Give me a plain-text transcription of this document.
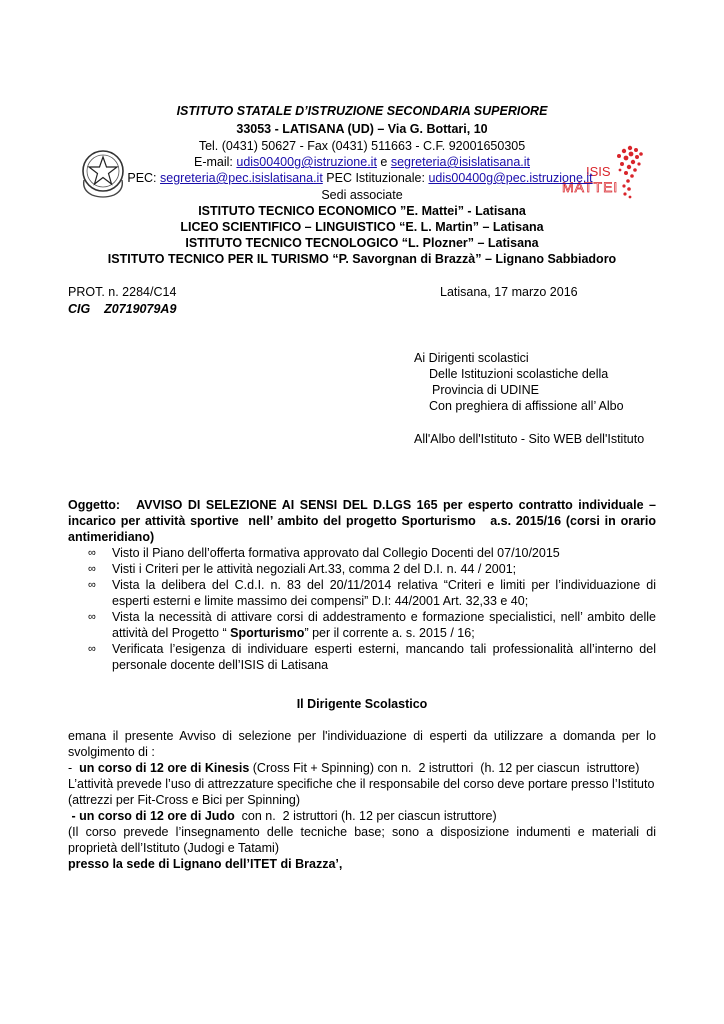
ISIS
MATTEI
ISTITUTO STATALE D’ISTRUZIONE SECONDARIA SUPERIORE
33053 - LATISANA (UD) – Via G. Bottari, 10
Tel. (0431) 50627 - Fax (0431) 511663 - C.F. 92001650305
E-mail: udis00400g@istruzione.it e segreteria@isislatisana.it
PEC: segreteria@pec.isislatisana.it PEC Istituzionale: udis00400g@pec.istruzione.it
Sedi associate
ISTITUTO TECNICO ECONOMICO ”E. Mattei” - Latisana
LICEO SCIENTIFICO – LINGUISTICO “E. L. Martin” – Latisana
ISTITUTO TECNICO TECNOLOGICO “L. Plozner” – Latisana
ISTITUTO TECNICO PER IL TURISMO “P. Savorgnan di Brazzà” – Lignano Sabbiadoro
PROT. n. 2284/C14
CIG    Z0719079A9
Latisana, 17 marzo 2016
Ai Dirigenti scolastici
Delle Istituzioni scolastiche della
Provincia di UDINE
Con preghiera di affissione all’ Albo
All'Albo dell'Istituto - Sito WEB dell'Istituto
Oggetto:   AVVISO DI SELEZIONE AI SENSI DEL D.LGS 165 per esperto contratto individuale – incarico per attività sportive  nell’ ambito del progetto Sporturismo   a.s. 2015/16 (corsi in orario  antimeridiano)
∞ Visto il Piano dell’offerta formativa approvato dal Collegio Docenti del 07/10/2015
∞ Visti i Criteri per le attività negoziali Art.33, comma 2 del D.I. n. 44 / 2001;
∞ Vista la delibera del C.d.I. n. 83 del 20/11/2014 relativa “Criteri e limiti per l’individuazione di esperti esterni e limite massimo dei compensi” D.I: 44/2001 Art. 32,33 e 40;
∞ Vista la necessità di attivare corsi di addestramento e formazione specialistici, nell’ ambito delle attività del Progetto “ Sporturismo” per il corrente a. s. 2015 / 16;
∞ Verificata l’esigenza di individuare esperti esterni, mancando tali professionalità all’interno del personale docente dell’ISIS di Latisana
Il Dirigente Scolastico
emana il presente Avviso di selezione per l'individuazione di esperti da utilizzare a domanda per lo svolgimento di :
-  un corso di 12 ore di Kinesis (Cross Fit + Spinning) con n.  2 istruttori  (h. 12 per ciascun  istruttore)
L’attività prevede l’uso di attrezzature specifiche che il responsabile del corso deve portare presso l’Istituto (attrezzi per Fit-Cross e Bici per Spinning)
- un corso di 12 ore di Judo  con n.  2 istruttori (h. 12 per ciascun istruttore)
(Il corso prevede l’insegnamento delle tecniche base; sono a disposizione indumenti e materiali di proprietà dell’Istituto (Judogi e Tatami)
presso la sede di Lignano dell’ITET di Brazza’,
